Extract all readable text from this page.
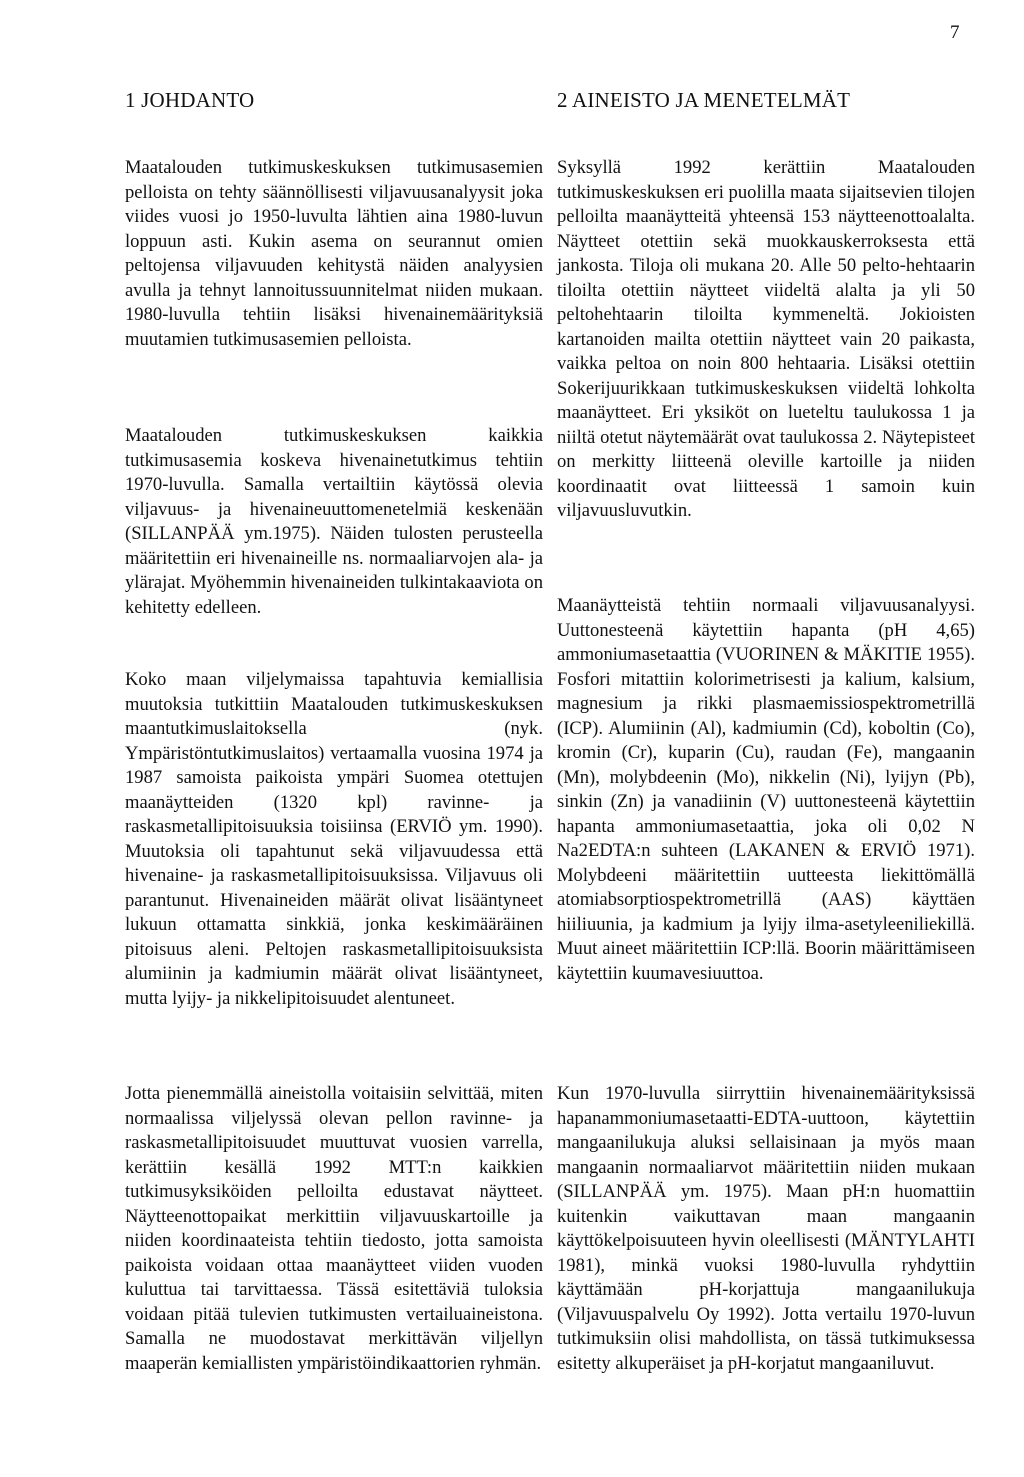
7
1 JOHDANTO	2 AINEISTO JA MENETELMÄT

Maatalouden tutkimuskeskuksen tutkimusasemien pelloista on tehty säännöllisesti viljavuusanalyysit joka viides vuosi jo 1950-luvulta lähtien aina 1980-luvun loppuun asti. Kukin asema on seurannut omien peltojensa viljavuuden kehitystä näiden analyysien avulla ja tehnyt lannoitussuunnitelmat niiden mukaan. 1980-luvulla tehtiin lisäksi hivenainemäärityksiä muutamien tutkimusasemien pelloista.

Maatalouden tutkimuskeskuksen kaikkia tutkimusasemia koskeva hivenainetutkimus tehtiin 1970-luvulla. Samalla vertailtiin käytössä olevia viljavuus- ja hivenaineuuttomenetelmiä keskenään (SILLANPÄÄ ym.1975). Näiden tulosten perusteella määritettiin eri hivenaineille ns. normaaliarvojen ala- ja ylärajat. Myöhemmin hivenaineiden tulkintakaaviota on kehitetty edelleen.

Koko maan viljelymaissa tapahtuvia kemiallisia muutoksia tutkittiin Maatalouden tutkimuskeskuksen maantutkimuslaitoksella (nyk. Ympäristöntutkimuslaitos) vertaamalla vuosina 1974 ja 1987 samoista paikoista ympäri Suomea otettujen maanäytteiden (1320 kpl) ravinne- ja raskasmetallipitoisuuksia toisiinsa (ERVIÖ ym. 1990). Muutoksia oli tapahtunut sekä viljavuudessa että hivenaine- ja raskasmetallipitoisuuksissa. Viljavuus oli parantunut. Hivenaineiden määrät olivat lisääntyneet lukuun ottamatta sinkkiä, jonka keskimääräinen pitoisuus aleni. Peltojen raskasmetallipitoisuuksista alumiinin ja kadmiumin määrät olivat lisääntyneet, mutta lyijy- ja nikkelipitoisuudet alentuneet.

Jotta pienemmällä aineistolla voitaisiin selvittää, miten normaalissa viljelyssä olevan pellon ravinne- ja raskasmetallipitoisuudet muuttuvat vuosien varrella, kerättiin kesällä 1992 MTT:n kaikkien tutkimusyksiköiden pelloilta edustavat näytteet. Näytteenottopaikat merkittiin viljavuuskartoille ja niiden koordinaateista tehtiin tiedosto, jotta samoista paikoista voidaan ottaa maanäytteet viiden vuoden kuluttua tai tarvittaessa. Tässä esitettäviä tuloksia voidaan pitää tulevien tutkimusten vertailuaineistona. Samalla ne muodostavat merkittävän viljellyn maaperän kemiallisten ympäristöindikaattorien ryhmän.

Syksyllä 1992 kerättiin Maatalouden tutkimuskeskuksen eri puolilla maata sijaitsevien tilojen pelloilta maanäytteitä yhteensä 153 näytteenottoalalta. Näytteet otettiin sekä muokkauskerroksesta että jankosta. Tiloja oli mukana 20. Alle 50 pelto-hehtaarin tiloilta otettiin näytteet viideltä alalta ja yli 50 peltohehtaarin tiloilta kymmeneltä. Jokioisten kartanoiden mailta otettiin näytteet vain 20 paikasta, vaikka peltoa on noin 800 hehtaaria. Lisäksi otettiin Sokerijuurikkaan tutkimuskeskuksen viideltä lohkolta maanäytteet. Eri yksiköt on lueteltu taulukossa 1 ja niiltä otetut näytemäärät ovat taulukossa 2. Näytepisteet on merkitty liitteenä oleville kartoille ja niiden koordinaatit ovat liitteessä 1 samoin kuin viljavuusluvutkin.

Maanäytteistä tehtiin normaali viljavuusanalyysi. Uuttonesteenä käytettiin hapanta (pH 4,65) ammoniumasetaattia (VUORINEN & MÄKITIE 1955). Fosfori mitattiin kolorimetrisesti ja kalium, kalsium, magnesium ja rikki plasmaemissiospektrometrillä (ICP). Alumiinin (Al), kadmiumin (Cd), koboltin (Co), kromin (Cr), kuparin (Cu), raudan (Fe), mangaanin (Mn), molybdeenin (Mo), nikkelin (Ni), lyijyn (Pb), sinkin (Zn) ja vanadiinin (V) uuttonesteenä käytettiin hapanta ammoniumasetaattia, joka oli 0,02 N Na2EDTA:n suhteen (LAKANEN & ERVIÖ 1971). Molybdeeni määritettiin uutteesta liekittömällä atomiabsorptiospektrometrillä (AAS) käyttäen hiiliuunia, ja kadmium ja lyijy ilma-asetyleeniliekillä. Muut aineet määritettiin ICP:llä. Boorin määrittämiseen käytettiin kuumavesiuuttoa.

Kun 1970-luvulla siirryttiin hivenainemäärityksissä hapanammoniumasetaatti-EDTA-uuttoon, käytettiin mangaanilukuja aluksi sellaisinaan ja myös maan mangaanin normaaliarvot määritettiin niiden mukaan (SILLANPÄÄ ym. 1975). Maan pH:n huomattiin kuitenkin vaikuttavan maan mangaanin käyttökelpoisuuteen hyvin oleellisesti (MÄNTYLAHTI 1981), minkä vuoksi 1980-luvulla ryhdyttiin käyttämään pH-korjattuja mangaanilukuja (Viljavuuspalvelu Oy 1992). Jotta vertailu 1970-luvun tutkimuksiin olisi mahdollista, on tässä tutkimuksessa esitetty alkuperäiset ja pH-korjatut mangaaniluvut.
